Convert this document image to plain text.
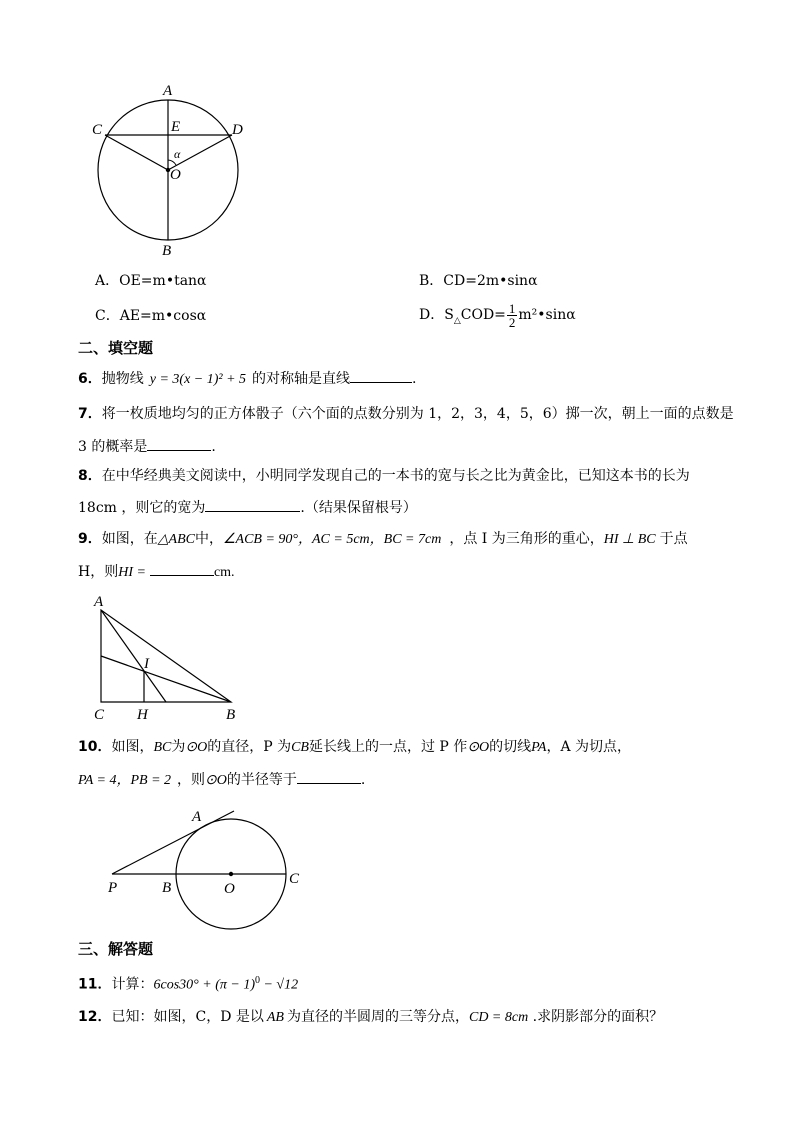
A
B
C	D
E
O
α
A．OE=m•tanα	B．CD=2m•sinα
C．AE=m•cosα	D．$S_\triangle COD= \frac{1}{2}$ m²•sinα
二、填空题
6．抛物线 y = 3(x − 1)² + 5 的对称轴是直线	.
7．将一枚质地均匀的正方体骰子（六个面的点数分别为 1，2，3，4，5，6）掷一次，朝上一面的点数是
3 的概率是	.
8．在中华经典美文阅读中，小明同学发现自己的一本书的宽与长之比为黄金比，已知这本书的长为
18cm ，则它的宽为	.（结果保留根号）
9．如图，在△ABC中，∠ACB = 90°，AC = 5cm，BC = 7cm ，点 I 为三角形的重心，HI ⊥ BC 于点
H，则HI =	cm.
A
B
C H
I
10．如图，BC为⊙O的直径，P 为CB延长线上的一点，过 P 作⊙O的切线PA，A 为切点，
PA = 4，PB = 2 ，则⊙O的半径等于	.
A
P	B	O
C
三、解答题
11．计算：$6\cos 30^\circ + (\pi - 1)^0 - √12$
12．已知：如图，C，D 是以 AB 为直径的半圆周的三等分点，CD = 8cm .求阴影部分的面积？
